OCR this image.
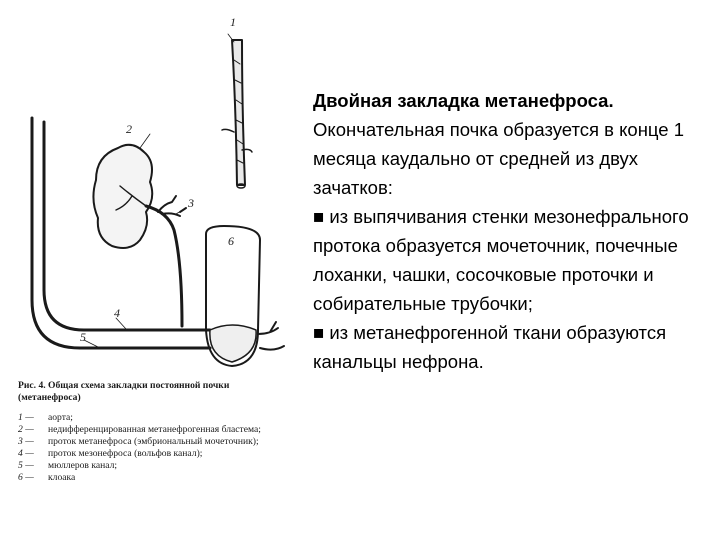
1
2
3
6
4
5
Рис. 4. Общая схема закладки постоянной почки (метанефроса)
1 —	аорта;
2 —	недифференцированная метанефрогенная бластема;
3 —	проток метанефроса (эмбриональный мочеточник);
4 —	проток мезонефроса (вольфов канал);
5 —	мюллеров канал;
6 —	клоака

Двойная закладка метанефроса.

Окончательная почка образуется в конце 1 месяца каудально от средней из двух зачатков:

■ из выпячивания стенки мезонефрального протока образуется мочеточник, почечные лоханки, чашки, сосочковые проточки и собирательные трубочки;

■ из метанефрогенной ткани образуются канальцы нефрона.
